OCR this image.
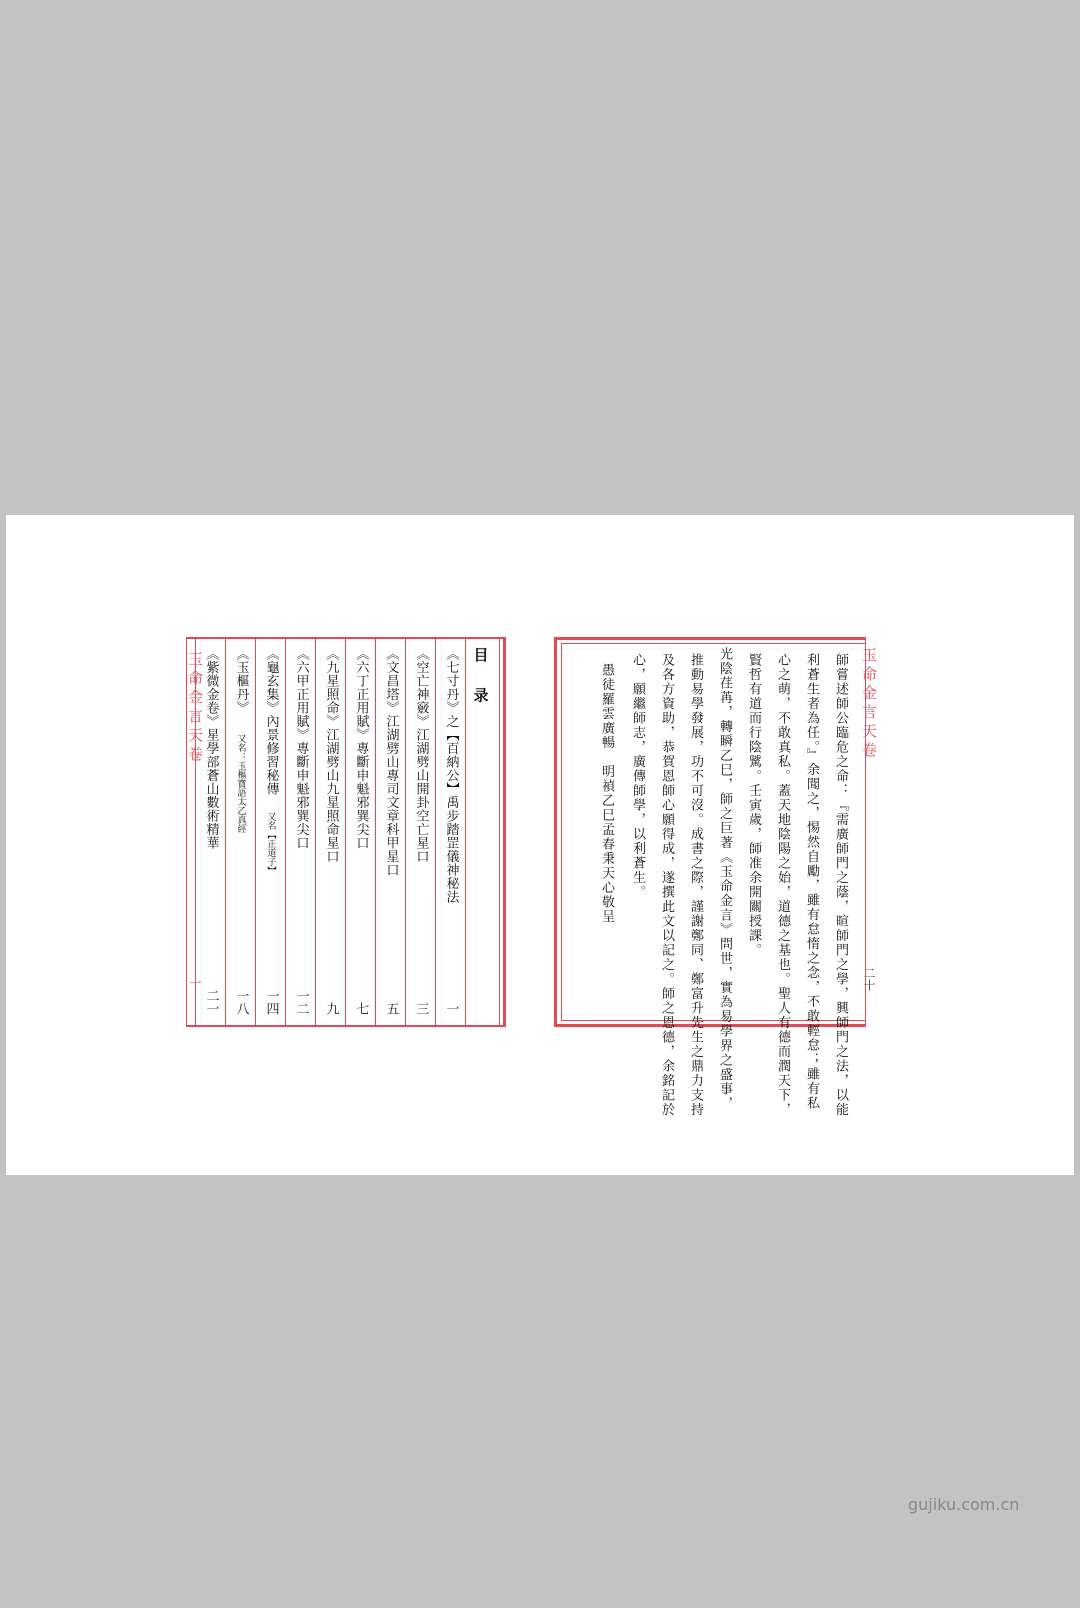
玉命金言天卷
十
目 录
《七寸丹》之【百納公】禹步踏罡儀神秘法
一
《空亡神竅》江湖劈山開卦空亡星口
三
《文昌塔》江湖劈山專司文章科甲星口
五
《六丁正用賦》專斷申魁邪巽尖口
七
《九星照命》江湖劈山九星照命星口
九
《六甲正用賦》專斷申魁邪巽尖口
一二
《龜玄集》內景修習秘傳
又名【正道子】
一四
《玉樞丹》
又名：玉樞寶語太乙真經
一八
《紫微金卷》星學部蒼山數術精華
二一
玉命金言天卷
二十
師嘗述師公臨危之命：『需廣師門之蔭，暄師門之學，興師門之法，以能
利蒼生者為任。』余聞之，惕然自勵，雖有怠惰之念，不敢輕怠；雖有私
心之萌，不敢真私。蓋天地陰陽之始，道德之基也。聖人有德而潤天下，
賢哲有道而行陰騭。壬寅歲，師准余開關授課。
光陰荏苒，轉瞬乙巳，師之巨著《玉命金言》問世，實為易學界之盛事，
推動易學發展，功不可沒。成書之際，謹謝鄭同、鄭富升先生之鼎力支持
及各方資助，恭賀恩師心願得成，遂撰此文以記之。師之恩德，余銘記於
心，願繼師志，廣傳師學，以利蒼生。
愚徒羅雲廣暢　明禎乙巳孟春秉天心敬呈
gujiku.com.cn
